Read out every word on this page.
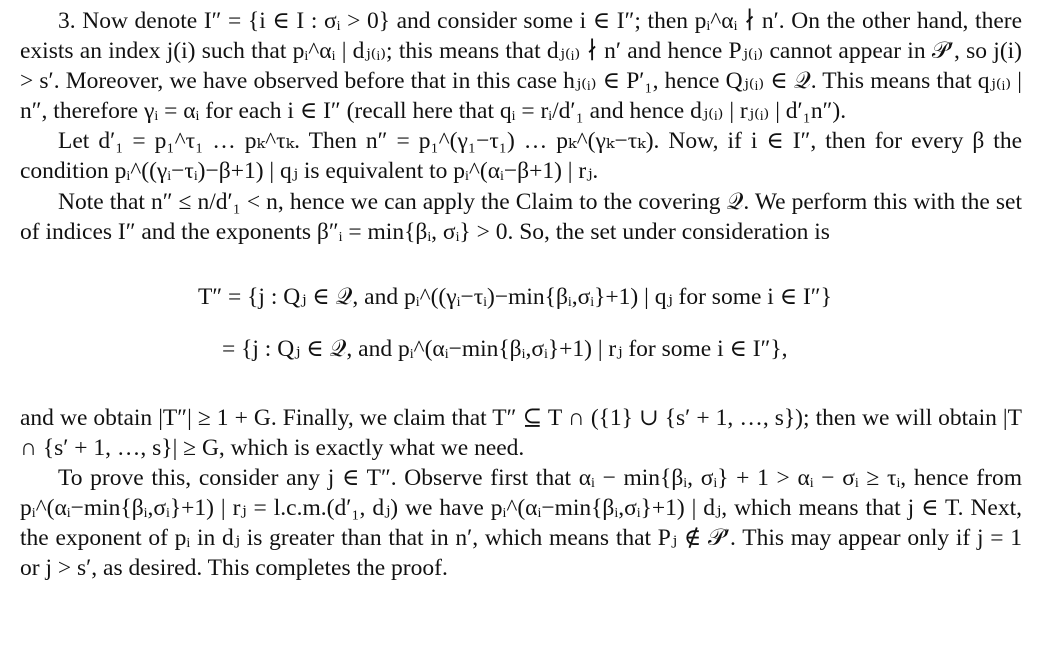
3. Now denote I″ = {i ∈ I : σᵢ > 0} and consider some i ∈ I″; then pᵢ^αᵢ ∤ n′. On the other hand, there exists an index j(i) such that pᵢ^αᵢ | dⱼ₍ᵢ₎; this means that dⱼ₍ᵢ₎ ∤ n′ and hence Pⱼ₍ᵢ₎ cannot appear in 𝒫′, so j(i) > s′. Moreover, we have observed before that in this case hⱼ₍ᵢ₎ ∈ P′₁, hence Qⱼ₍ᵢ₎ ∈ 𝒬. This means that qⱼ₍ᵢ₎ | n″, therefore γᵢ = αᵢ for each i ∈ I″ (recall here that qᵢ = rᵢ/d′₁ and hence dⱼ₍ᵢ₎ | rⱼ₍ᵢ₎ | d′₁n″).

Let d′₁ = p₁^τ₁ … pₖ^τₖ. Then n″ = p₁^(γ₁−τ₁) … pₖ^(γₖ−τₖ). Now, if i ∈ I″, then for every β the condition pᵢ^((γᵢ−τᵢ)−β+1) | qⱼ is equivalent to pᵢ^(αᵢ−β+1) | rⱼ.

Note that n″ ≤ n/d′₁ < n, hence we can apply the Claim to the covering 𝒬. We perform this with the set of indices I″ and the exponents β″ᵢ = min{βᵢ, σᵢ} > 0. So, the set under consideration is

T″ = {j : Qⱼ ∈ 𝒬, and pᵢ^((γᵢ−τᵢ)−min{βᵢ,σᵢ}+1) | qⱼ for some i ∈ I″}
= {j : Qⱼ ∈ 𝒬, and pᵢ^(αᵢ−min{βᵢ,σᵢ}+1) | rⱼ for some i ∈ I″},

and we obtain |T″| ≥ 1 + G. Finally, we claim that T″ ⊆ T ∩ ({1} ∪ {s′ + 1, …, s}); then we will obtain |T ∩ {s′ + 1, …, s}| ≥ G, which is exactly what we need.

To prove this, consider any j ∈ T″. Observe first that αᵢ − min{βᵢ, σᵢ} + 1 > αᵢ − σᵢ ≥ τᵢ, hence from pᵢ^(αᵢ−min{βᵢ,σᵢ}+1) | rⱼ = l.c.m.(d′₁, dⱼ) we have pᵢ^(αᵢ−min{βᵢ,σᵢ}+1) | dⱼ, which means that j ∈ T. Next, the exponent of pᵢ in dⱼ is greater than that in n′, which means that Pⱼ ∉ 𝒫′. This may appear only if j = 1 or j > s′, as desired. This completes the proof.
